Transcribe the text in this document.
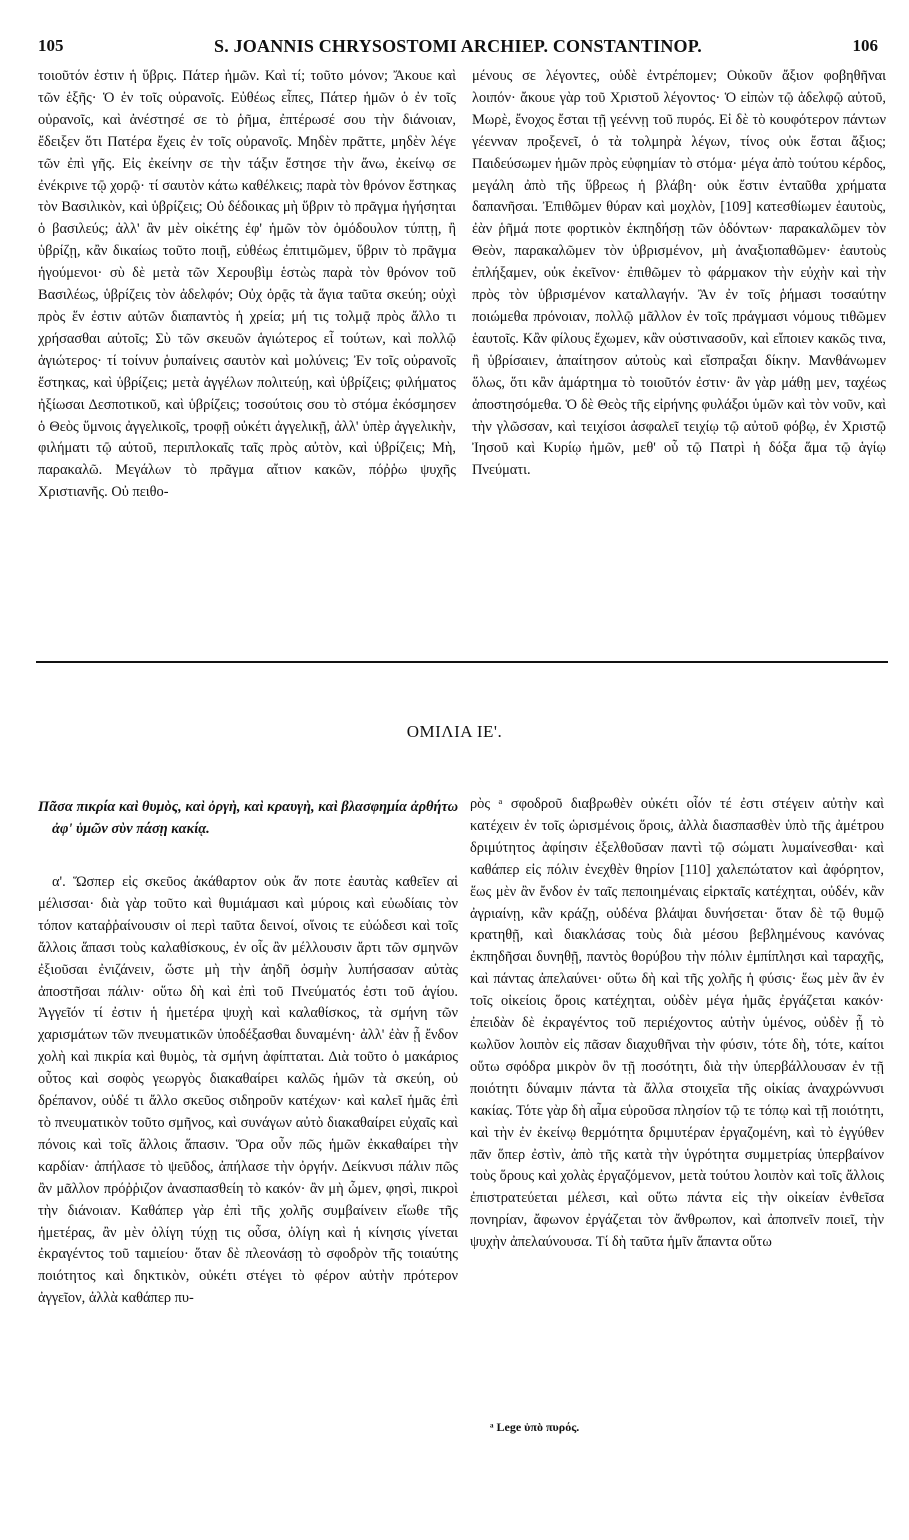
105	S. JOANNIS CHRYSOSTOMI ARCHIEP. CONSTANTINOP.	106

τοιοῦτόν ἐστιν ἡ ὕβρις. Πάτερ ἡμῶν. Καὶ τί; τοῦτο μόνον; Ἄκουε καὶ τῶν ἑξῆς· Ὁ ἐν τοῖς οὐρανοῖς. Εὐθέως εἶπες, Πάτερ ἡμῶν ὁ ἐν τοῖς οὐρανοῖς, καὶ ἀνέστησέ σε τὸ ῥῆμα, ἐπτέρωσέ σου τὴν διάνοιαν, ἔδειξεν ὅτι Πατέρα ἔχεις ἐν τοῖς οὐρανοῖς. Μηδὲν πρᾶττε, μηδὲν λέγε τῶν ἐπὶ γῆς. Εἰς ἐκείνην σε τὴν τάξιν ἔστησε τὴν ἄνω, ἐκείνῳ σε ἐνέκρινε τῷ χορῷ· τί σαυτὸν κάτω καθέλκεις; παρὰ τὸν θρόνον ἕστηκας τὸν Βασιλικὸν, καὶ ὑβρίζεις; Οὐ δέδοικας μὴ ὕβριν τὸ πρᾶγμα ἡγήσηται ὁ βασιλεύς; ἀλλ' ἂν μὲν οἰκέτης ἐφ' ἡμῶν τὸν ὁμόδουλον τύπτῃ, ἢ ὑβρίζῃ, κἂν δικαίως τοῦτο ποιῇ, εὐθέως ἐπιτιμῶμεν, ὕβριν τὸ πρᾶγμα ἡγούμενοι· σὺ δὲ μετὰ τῶν Χερουβὶμ ἑστὼς παρὰ τὸν θρόνον τοῦ Βασιλέως, ὑβρίζεις τὸν ἀδελφόν; Οὐχ ὁρᾷς τὰ ἅγια ταῦτα σκεύη; οὐχὶ πρὸς ἕν ἐστιν αὐτῶν διαπαντὸς ἡ χρεία; μή τις τολμᾷ πρὸς ἄλλο τι χρήσασθαι αὐτοῖς; Σὺ τῶν σκευῶν ἁγιώτερος εἶ τούτων, καὶ πολλῷ ἁγιώτερος· τί τοίνυν ῥυπαίνεις σαυτὸν καὶ μολύνεις; Ἐν τοῖς οὐρανοῖς ἕστηκας, καὶ ὑβρίζεις; μετὰ ἀγγέλων πολιτεύῃ, καὶ ὑβρίζεις; φιλήματος ἠξίωσαι Δεσποτικοῦ, καὶ ὑβρίζεις; τοσούτοις σου τὸ στόμα ἐκόσμησεν ὁ Θεὸς ὕμνοις ἀγγελικοῖς, τροφῇ οὐκέτι ἀγγελικῇ, ἀλλ' ὑπὲρ ἀγγελικὴν, φιλήματι τῷ αὐτοῦ, περιπλοκαῖς ταῖς πρὸς αὐτὸν, καὶ ὑβρίζεις; Μὴ, παρακαλῶ. Μεγάλων τὸ πρᾶγμα αἴτιον κακῶν, πόῤῥω ψυχῆς Χριστιανῆς. Οὐ πειθο-

μένους σε λέγοντες, οὐδὲ ἐντρέπομεν; Οὐκοῦν ἄξιον φοβηθῆναι λοιπόν· ἄκουε γὰρ τοῦ Χριστοῦ λέγοντος· Ὁ εἰπὼν τῷ ἀδελφῷ αὐτοῦ, Μωρὲ, ἔνοχος ἔσται τῇ γεέννῃ τοῦ πυρός. Εἰ δὲ τὸ κουφότερον πάντων γέενναν προξενεῖ, ὁ τὰ τολμηρὰ λέγων, τίνος οὐκ ἔσται ἄξιος; Παιδεύσωμεν ἡμῶν πρὸς εὐφημίαν τὸ στόμα· μέγα ἀπὸ τούτου κέρδος, μεγάλη ἀπὸ τῆς ὕβρεως ἡ βλάβη· οὐκ ἔστιν ἐνταῦθα χρήματα δαπανῆσαι. Ἐπιθῶμεν θύραν καὶ μοχλὸν, [109] κατεσθίωμεν ἑαυτοὺς, ἐὰν ῥῆμά ποτε φορτικὸν ἐκπηδήσῃ τῶν ὀδόντων· παρακαλῶμεν τὸν Θεὸν, παρακαλῶμεν τὸν ὑβρισμένον, μὴ ἀναξιοπαθῶμεν· ἑαυτοὺς ἐπλήξαμεν, οὐκ ἐκεῖνον· ἐπιθῶμεν τὸ φάρμακον τὴν εὐχὴν καὶ τὴν πρὸς τὸν ὑβρισμένον καταλλαγήν. Ἂν ἐν τοῖς ῥήμασι τοσαύτην ποιώμεθα πρόνοιαν, πολλῷ μᾶλλον ἐν τοῖς πράγμασι νόμους τιθῶμεν ἑαυτοῖς. Κἂν φίλους ἔχωμεν, κἂν οὑστινασοῦν, καὶ εἴποιεν κακῶς τινα, ἢ ὑβρίσαιεν, ἀπαίτησον αὐτοὺς καὶ εἴσπραξαι δίκην. Μανθάνωμεν ὅλως, ὅτι κἂν ἁμάρτημα τὸ τοιοῦτόν ἐστιν· ἂν γὰρ μάθῃ μεν, ταχέως ἀποστησόμεθα. Ὁ δὲ Θεὸς τῆς εἰρήνης φυλάξοι ὑμῶν καὶ τὸν νοῦν, καὶ τὴν γλῶσσαν, καὶ τειχίσοι ἀσφαλεῖ τειχίῳ τῷ αὐτοῦ φόβῳ, ἐν Χριστῷ Ἰησοῦ καὶ Κυρίῳ ἡμῶν, μεθ' οὗ τῷ Πατρὶ ἡ δόξα ἅμα τῷ ἁγίῳ Πνεύματι.

ΟΜΙΛΙΑ ΙΕ'.

Πᾶσα πικρία καὶ θυμὸς, καὶ ὀργὴ, καὶ κραυγὴ, καὶ βλασφημία ἀρθήτω ἀφ' ὑμῶν σὺν πάσῃ κακίᾳ.

α'. Ὥσπερ εἰς σκεῦος ἀκάθαρτον οὐκ ἄν ποτε ἑαυτὰς καθεῖεν αἱ μέλισσαι· διὰ γὰρ τοῦτο καὶ θυμιάμασι καὶ μύροις καὶ εὐωδίαις τὸν τόπον καταῤῥαίνουσιν οἱ περὶ ταῦτα δεινοί, οἵνοις τε εὐώδεσι καὶ τοῖς ἄλλοις ἅπασι τοὺς καλαθίσκους, ἐν οἷς ἂν μέλλουσιν ἄρτι τῶν σμηνῶν ἐξιοῦσαι ἐνιζάνειν, ὥστε μὴ τὴν ἀηδῆ ὀσμὴν λυπήσασαν αὐτὰς ἀποστῆσαι πάλιν· οὕτω δὴ καὶ ἐπὶ τοῦ Πνεύματός ἐστι τοῦ ἁγίου. Ἀγγεῖόν τί ἐστιν ἡ ἡμετέρα ψυχὴ καὶ καλαθίσκος, τὰ σμήνη τῶν χαρισμάτων τῶν πνευματικῶν ὑποδέξασθαι δυναμένη· ἀλλ' ἐὰν ᾖ ἔνδον χολὴ καὶ πικρία καὶ θυμὸς, τὰ σμήνη ἀφίπταται. Διὰ τοῦτο ὁ μακάριος οὗτος καὶ σοφὸς γεωργὸς διακαθαίρει καλῶς ἡμῶν τὰ σκεύη, οὐ δρέπανον, οὐδέ τι ἄλλο σκεῦος σιδηροῦν κατέχων· καὶ καλεῖ ἡμᾶς ἐπὶ τὸ πνευματικὸν τοῦτο σμῆνος, καὶ συνάγων αὐτὸ διακαθαίρει εὐχαῖς καὶ πόνοις καὶ τοῖς ἄλλοις ἅπασιν. Ὅρα οὖν πῶς ἡμῶν ἐκκαθαίρει τὴν καρδίαν· ἀπήλασε τὸ ψεῦδος, ἀπήλασε τὴν ὀργήν. Δείκνυσι πάλιν πῶς ἂν μᾶλλον πρόῤῥιζον ἀνασπασθείη τὸ κακόν· ἂν μὴ ὦμεν, φησὶ, πικροὶ τὴν διάνοιαν. Καθάπερ γὰρ ἐπὶ τῆς χολῆς συμβαίνειν εἴωθε τῆς ἡμετέρας, ἂν μὲν ὀλίγη τύχῃ τις οὖσα, ὀλίγη καὶ ἡ κίνησις γίνεται ἐκραγέντος τοῦ ταμιείου· ὅταν δὲ πλεονάσῃ τὸ σφοδρὸν τῆς τοιαύτης ποιότητος καὶ δηκτικὸν, οὐκέτι στέγει τὸ φέρον αὐτὴν πρότερον ἀγγεῖον, ἀλλὰ καθάπερ πυ-

ρὸς ᵃ σφοδροῦ διαβρωθὲν οὐκέτι οἷόν τέ ἐστι στέγειν αὐτὴν καὶ κατέχειν ἐν τοῖς ὡρισμένοις ὅροις, ἀλλὰ διασπασθὲν ὑπὸ τῆς ἀμέτρου δριμύτητος ἀφίησιν ἐξελθοῦσαν παντὶ τῷ σώματι λυμαίνεσθαι· καὶ καθάπερ εἰς πόλιν ἐνεχθὲν θηρίον [110] χαλεπώτατον καὶ ἀφόρητον, ἕως μὲν ἂν ἔνδον ἐν ταῖς πεποιημέναις εἱρκταῖς κατέχηται, οὐδέν, κἂν ἀγριαίνῃ, κἂν κράζῃ, οὐδένα βλάψαι δυνήσεται· ὅταν δὲ τῷ θυμῷ κρατηθῇ, καὶ διακλάσας τοὺς διὰ μέσου βεβλημένους κανόνας ἐκπηδῆσαι δυνηθῇ, παντὸς θορύβου τὴν πόλιν ἐμπίπλησι καὶ ταραχῆς, καὶ πάντας ἀπελαύνει· οὕτω δὴ καὶ τῆς χολῆς ἡ φύσις· ἕως μὲν ἂν ἐν τοῖς οἰκείοις ὅροις κατέχηται, οὐδὲν μέγα ἡμᾶς ἐργάζεται κακόν· ἐπειδὰν δὲ ἐκραγέντος τοῦ περιέχοντος αὐτὴν ὑμένος, οὐδὲν ᾖ τὸ κωλῦον λοιπὸν εἰς πᾶσαν διαχυθῆναι τὴν φύσιν, τότε δὴ, τότε, καίτοι οὕτω σφόδρα μικρὸν ὂν τῇ ποσότητι, διὰ τὴν ὑπερβάλλουσαν ἐν τῇ ποιότητι δύναμιν πάντα τὰ ἄλλα στοιχεῖα τῆς οἰκίας ἀναχρώννυσι κακίας. Τότε γὰρ δὴ αἷμα εὑροῦσα πλησίον τῷ τε τόπῳ καὶ τῇ ποιότητι, καὶ τὴν ἐν ἐκείνῳ θερμότητα δριμυτέραν ἐργαζομένη, καὶ τὸ ἐγγύθεν πᾶν ὅπερ ἐστὶν, ἀπὸ τῆς κατὰ τὴν ὑγρότητα συμμετρίας ὑπερβαίνον τοὺς ὅρους καὶ χολὰς ἐργαζόμενον, μετὰ τούτου λοιπὸν καὶ τοῖς ἄλλοις ἐπιστρατεύεται μέλεσι, καὶ οὕτω πάντα εἰς τὴν οἰκείαν ἐνθεῖσα πονηρίαν, ἄφωνον ἐργάζεται τὸν ἄνθρωπον, καὶ ἀποπνεῖν ποιεῖ, τὴν ψυχὴν ἀπελαύνουσα. Τί δὴ ταῦτα ἡμῖν ἅπαντα οὕτω

ᵃ Lege ὑπὸ πυρός.
